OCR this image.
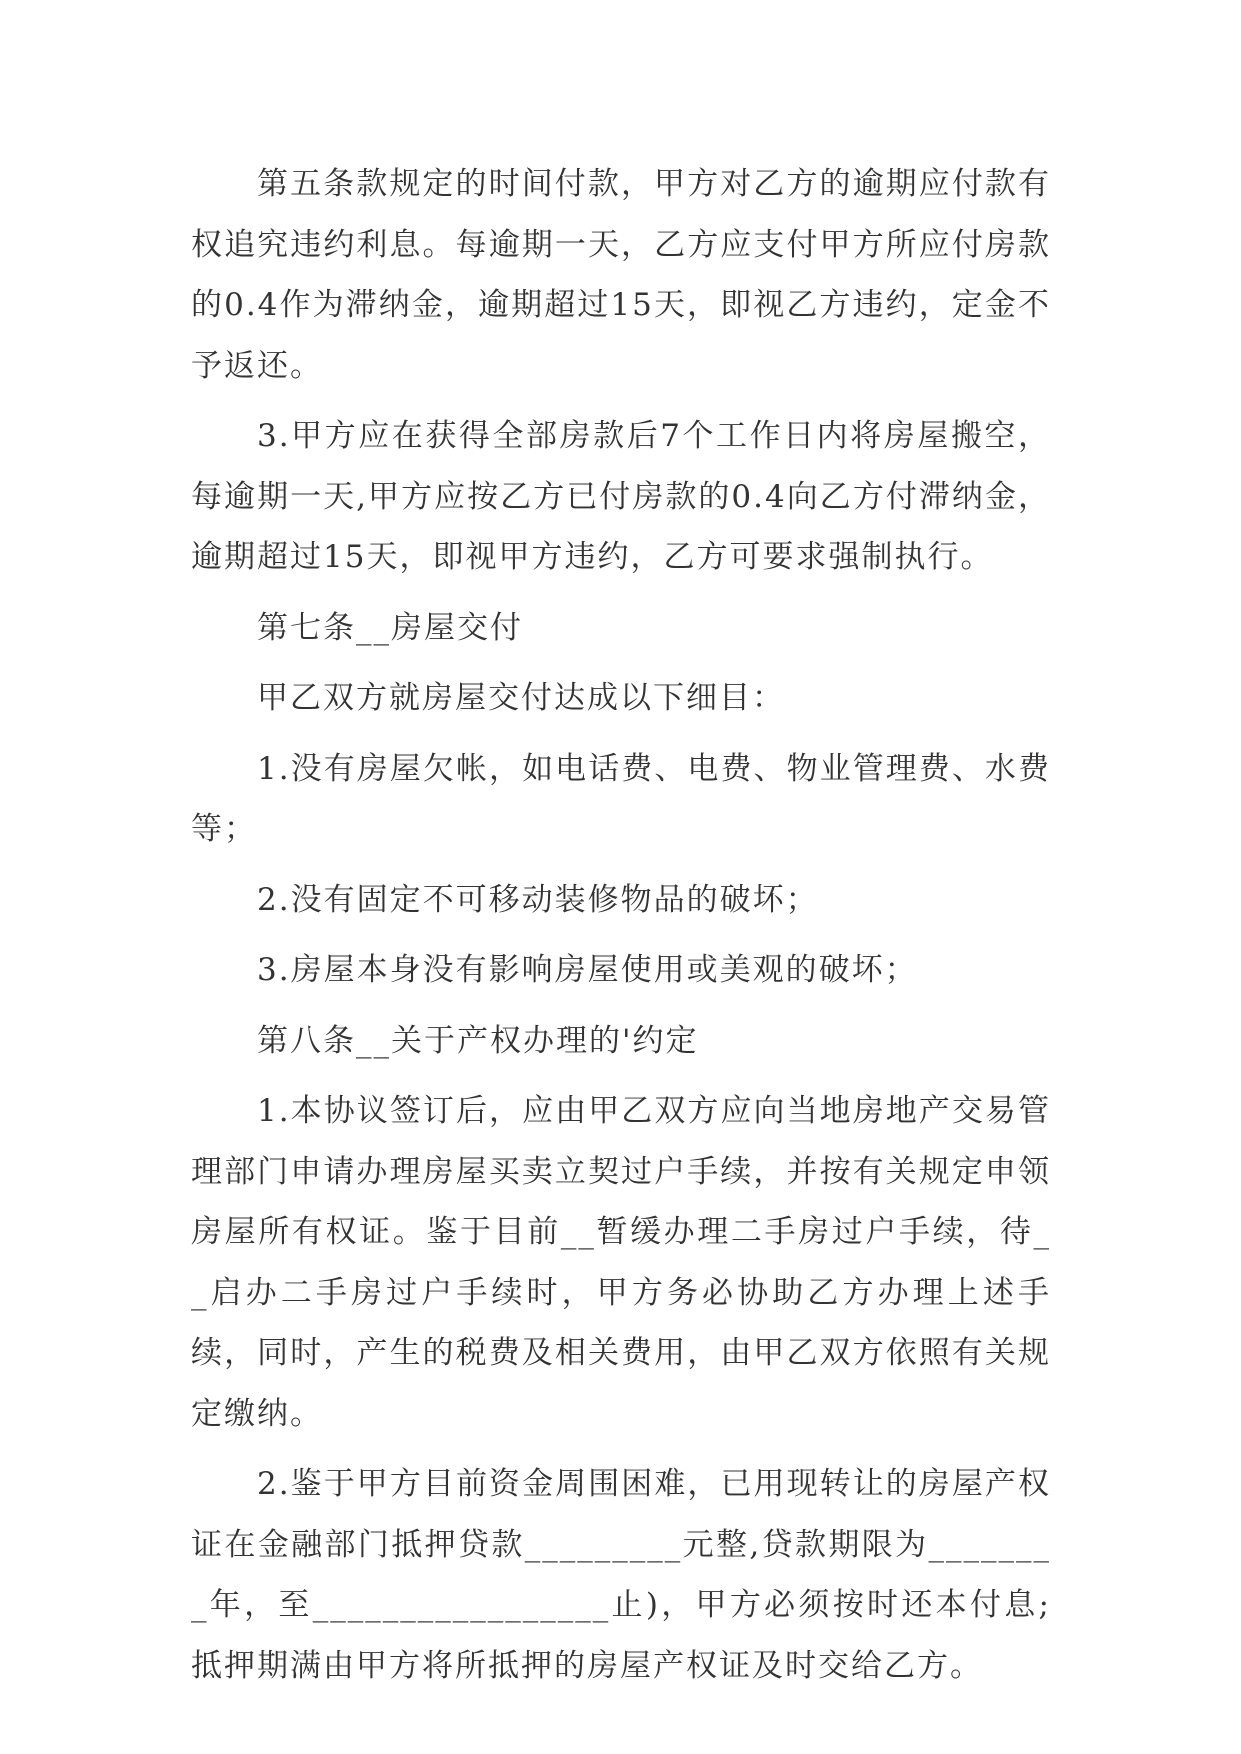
第五条款规定的时间付款，甲方对乙方的逾期应付款有权追究违约利息。每逾期一天，乙方应支付甲方所应付房款的0.4作为滞纳金，逾期超过15天，即视乙方违约，定金不予返还。

3.甲方应在获得全部房款后7个工作日内将房屋搬空，每逾期一天,甲方应按乙方已付房款的0.4向乙方付滞纳金，逾期超过15天，即视甲方违约，乙方可要求强制执行。

第七条__房屋交付

甲乙双方就房屋交付达成以下细目：

1.没有房屋欠帐，如电话费、电费、物业管理费、水费等；

2.没有固定不可移动装修物品的破坏；

3.房屋本身没有影响房屋使用或美观的破坏；

第八条__关于产权办理的'约定

1.本协议签订后，应由甲乙双方应向当地房地产交易管理部门申请办理房屋买卖立契过户手续，并按有关规定申领房屋所有权证。鉴于目前__暂缓办理二手房过户手续，待__启办二手房过户手续时，甲方务必协助乙方办理上述手续，同时，产生的税费及相关费用，由甲乙双方依照有关规定缴纳。

2.鉴于甲方目前资金周围困难，已用现转让的房屋产权证在金融部门抵押贷款_________元整,贷款期限为________年，至_________________止)，甲方必须按时还本付息;抵押期满由甲方将所抵押的房屋产权证及时交给乙方。
